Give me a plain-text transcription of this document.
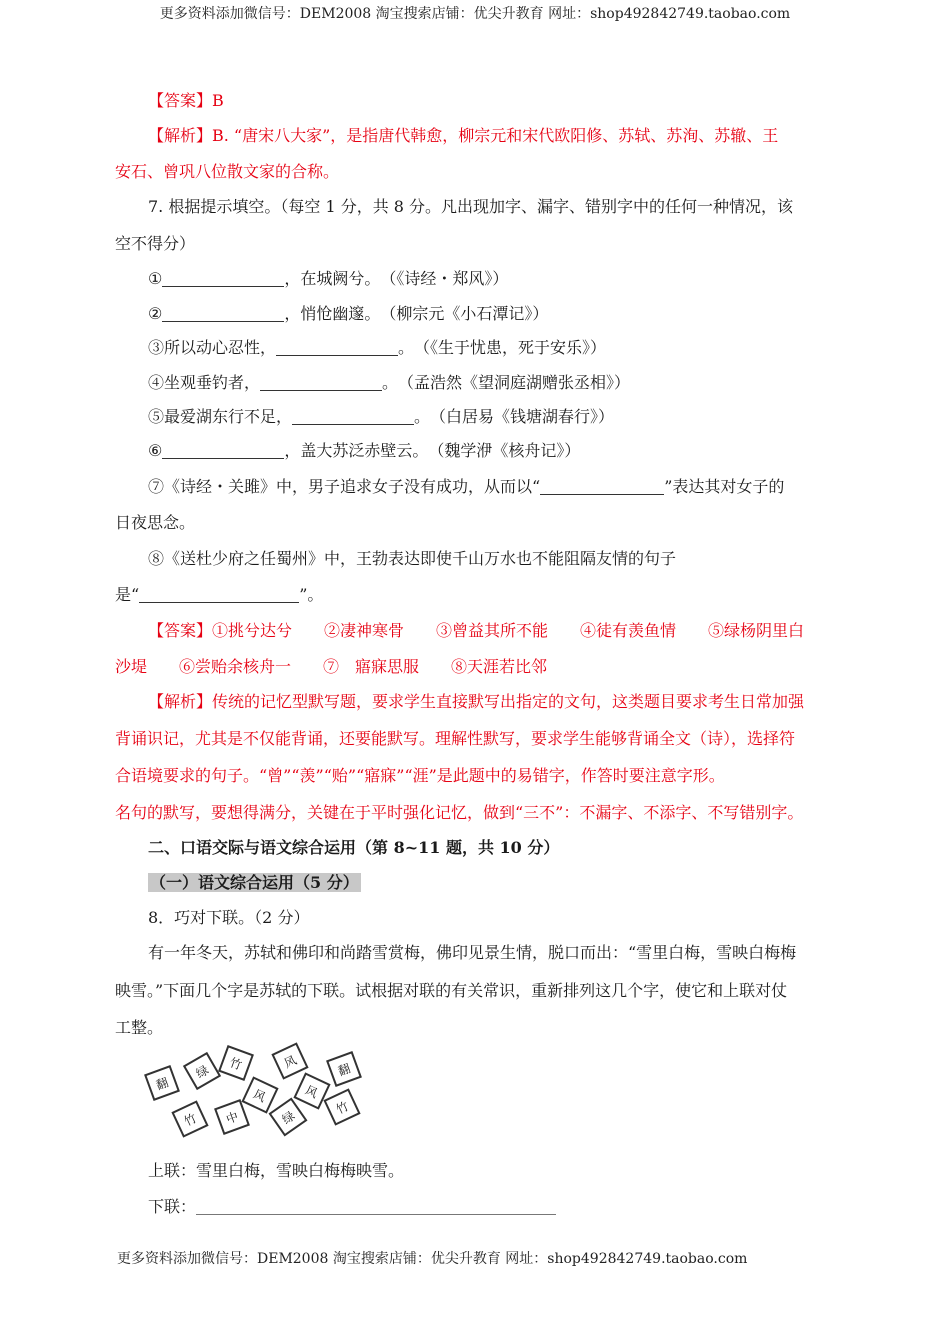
更多资料添加微信号：DEM2008 淘宝搜索店铺：优尖升教育 网址：shop492842749.taobao.com
【答案】B
【解析】B. “唐宋八大家”，是指唐代韩愈，柳宗元和宋代欧阳修、苏轼、苏洵、苏辙、王
安石、曾巩八位散文家的合称。
7. 根据提示填空。（每空 1 分，共 8 分。凡出现加字、漏字、错别字中的任何一种情况，该
空不得分）
①	，在城阙兮。　（《诗经・郑风》）
②	，悄怆幽邃。　（柳宗元《小石潭记》）
③所以动心忍性，	。　（《生于忧患，死于安乐》）
④坐观垂钓者，	。　（孟浩然《望洞庭湖赠张丞相》）
⑤最爱湖东行不足，	。　（白居易《钱塘湖春行》）
⑥	，盖大苏泛赤壁云。　（魏学洢《核舟记》）
⑦《诗经・关雎》中，男子追求女子没有成功，从而以“	”表达其对女子的
日夜思念。
⑧《送杜少府之任蜀州》中，王勃表达即使千山万水也不能阻隔友情的句子
是“	”。
【答案】①挑兮达兮　　②凄神寒骨　　③曾益其所不能　　④徒有羡鱼情　　⑤绿杨阴里白
沙堤　　⑥尝贻余核舟一　　⑦　寤寐思服　　⑧天涯若比邻
【解析】传统的记忆型默写题，要求学生直接默写出指定的文句，这类题目要求考生日常加强
背诵识记，尤其是不仅能背诵，还要能默写。理解性默写，要求学生能够背诵全文（诗），选择符
合语境要求的句子。“曾”“羡”“贻”“寤寐”“涯”是此题中的易错字，作答时要注意字形。
名句的默写，要想得满分，关键在于平时强化记忆，做到“三不”：不漏字、不添字、不写错别字。
二、口语交际与语文综合运用（第 8~11 题，共 10 分）
（一）语文综合运用（5 分）
8．巧对下联。（2 分）
有一年冬天，苏轼和佛印和尚踏雪赏梅，佛印见景生情，脱口而出：“雪里白梅，雪映白梅梅
映雪。”下面几个字是苏轼的下联。试根据对联的有关常识，重新排列这几个字，使它和上联对仗
工整。
翻
绿 竹	风
风
翻
竹 中	绿
风
竹
上联：雪里白梅，雪映白梅梅映雪。
下联：
更多资料添加微信号：DEM2008 淘宝搜索店铺：优尖升教育 网址：shop492842749.taobao.com
